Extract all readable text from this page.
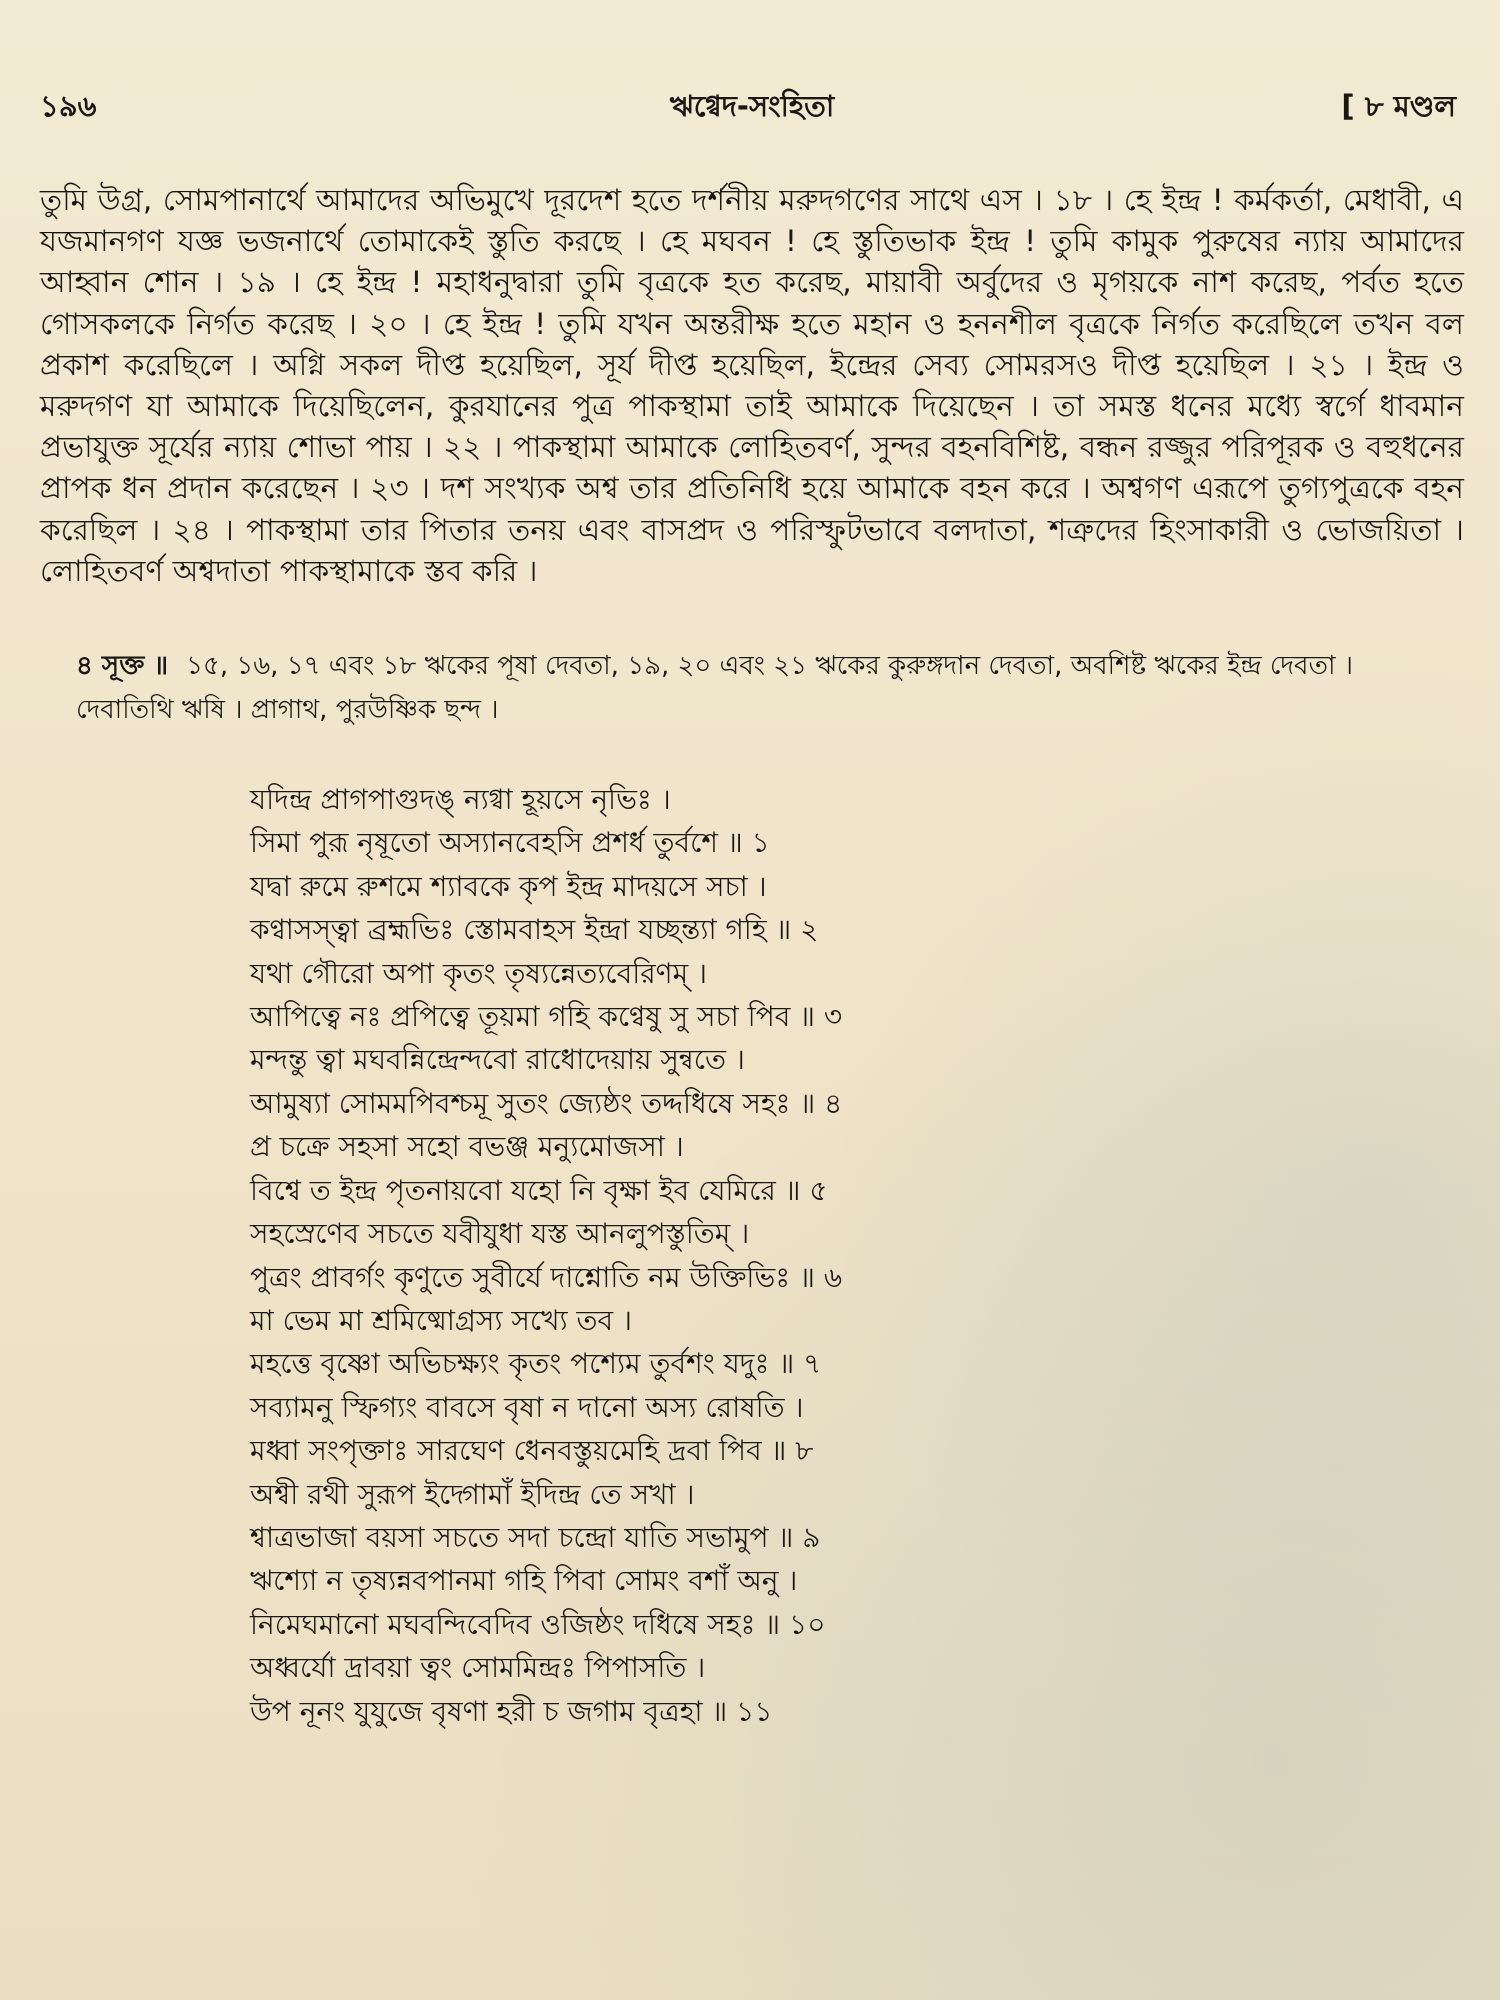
১৯৬	ঋগ্বেদ-সংহিতা	[ ৮ মণ্ডল
তুমি উগ্র, সোমপানার্থে আমাদের অভিমুখে দূরদেশ হতে দর্শনীয় মরুদগণের সাথে এস । ১৮ । হে ইন্দ্র ! কর্মকর্তা, মেধাবী, এ যজমানগণ যজ্ঞ ভজনার্থে তোমাকেই স্তুতি করছে । হে মঘবন ! হে স্তুতিভাক ইন্দ্র ! তুমি কামুক পুরুষের ন্যায় আমাদের আহ্বান শোন । ১৯ । হে ইন্দ্র ! মহাধনুদ্বারা তুমি বৃত্রকে হত করেছ, মায়াবী অর্বুদের ও মৃগয়কে নাশ করেছ, পর্বত হতে গোসকলকে নির্গত করেছ । ২০ । হে ইন্দ্র ! তুমি যখন অন্তরীক্ষ হতে মহান ও হননশীল বৃত্রকে নির্গত করেছিলে তখন বল প্রকাশ করেছিলে । অগ্নি সকল দীপ্ত হয়েছিল, সূর্য দীপ্ত হয়েছিল, ইন্দ্রের সেব্য সোমরসও দীপ্ত হয়েছিল । ২১ । ইন্দ্র ও মরুদগণ যা আমাকে দিয়েছিলেন, কুরযানের পুত্র পাকস্থামা তাই আমাকে দিয়েছেন । তা সমস্ত ধনের মধ্যে স্বর্গে ধাবমান প্রভাযুক্ত সূর্যের ন্যায় শোভা পায় । ২২ । পাকস্থামা আমাকে লোহিতবর্ণ, সুন্দর বহনবিশিষ্ট, বন্ধন রজ্জুর পরিপূরক ও বহুধনের প্রাপক ধন প্রদান করেছেন । ২৩ । দশ সংখ্যক অশ্ব তার প্রতিনিধি হয়ে আমাকে বহন করে । অশ্বগণ এরূপে তুগ্যপুত্রকে বহন করেছিল । ২৪ । পাকস্থামা তার পিতার তনয় এবং বাসপ্রদ ও পরিস্ফুটভাবে বলদাতা, শত্রুদের হিংসাকারী ও ভোজয়িতা । লোহিতবর্ণ অশ্বদাতা পাকস্থামাকে স্তব করি ।
৪ সূক্ত ॥ ১৫, ১৬, ১৭ এবং ১৮ ঋকের পূষা দেবতা, ১৯, ২০ এবং ২১ ঋকের কুরুঙ্গদান দেবতা, অবশিষ্ট ঋকের ইন্দ্র দেবতা । দেবাতিথি ঋষি । প্রাগাথ, পুরউষ্ণিক ছন্দ ।
যদিন্দ্র প্রাগপাগুদঙ্ ন্যগ্বা হূয়সে নৃভিঃ ।
সিমা পুরূ নৃষূতো অস্যানবেহসি প্রশর্ধ তুর্বশে ॥ ১
যদ্বা রুমে রুশমে শ্যাবকে কৃপ ইন্দ্র মাদয়সে সচা ।
কণ্বাসস্ত্বা ব্রহ্মভিঃ স্তোমবাহস ইন্দ্রা যচ্ছন্ত্যা গহি ॥ ২
যথা গৌরো অপা কৃতং তৃষ্যন্নেত্যবেরিণম্ ।
আপিত্বে নঃ প্রপিত্বে তূয়মা গহি কণ্বেষু সু সচা পিব ॥ ৩
মন্দন্তু ত্বা মঘবন্নিন্দ্রেন্দবো রাধোদেয়ায় সুন্বতে ।
আমুষ্যা সোমমপিবশ্চমূ সুতং জ্যেষ্ঠং তদ্দধিষে সহঃ ॥ ৪
প্র চক্রে সহসা সহো বভঞ্জ মন্যুমোজসা ।
বিশ্বে ত ইন্দ্র পৃতনায়বো যহো নি বৃক্ষা ইব যেমিরে ॥ ৫
সহস্রেণেব সচতে যবীযুধা যস্ত আনলুপস্তুতিম্ ।
পুত্রং প্রাবর্গং কৃণুতে সুবীর্যে দাশ্নোতি নম উক্তিভিঃ ॥ ৬
মা ভেম মা শ্রমিষ্মোগ্রস্য সখ্যে তব ।
মহত্তে বৃষ্ণো অভিচক্ষ্যং কৃতং পশ্যেম তুর্বশং যদুঃ ॥ ৭
সব্যামনু স্ফিগ্যং বাবসে বৃষা ন দানো অস্য রোষতি ।
মধ্বা সংপৃক্তাঃ সারঘেণ ধেনবস্তুয়মেহি দ্রবা পিব ॥ ৮
অশ্বী রথী সুরূপ ইদ্গোমাঁ ইদিন্দ্র তে সখা ।
শ্বাত্রভাজা বয়সা সচতে সদা চন্দ্রো যাতি সভামুপ ॥ ৯
ঋশ্যো ন তৃষ্যন্নবপানমা গহি পিবা সোমং বশাঁ অনু ।
নিমেঘমানো মঘবন্দিবেদিব ওজিষ্ঠং দধিষে সহঃ ॥ ১০
অধ্বর্যো দ্রাবয়া ত্বং সোমমিন্দ্রঃ পিপাসতি ।
উপ নূনং যুযুজে বৃষণা হরী চ জগাম বৃত্রহা ॥ ১১
